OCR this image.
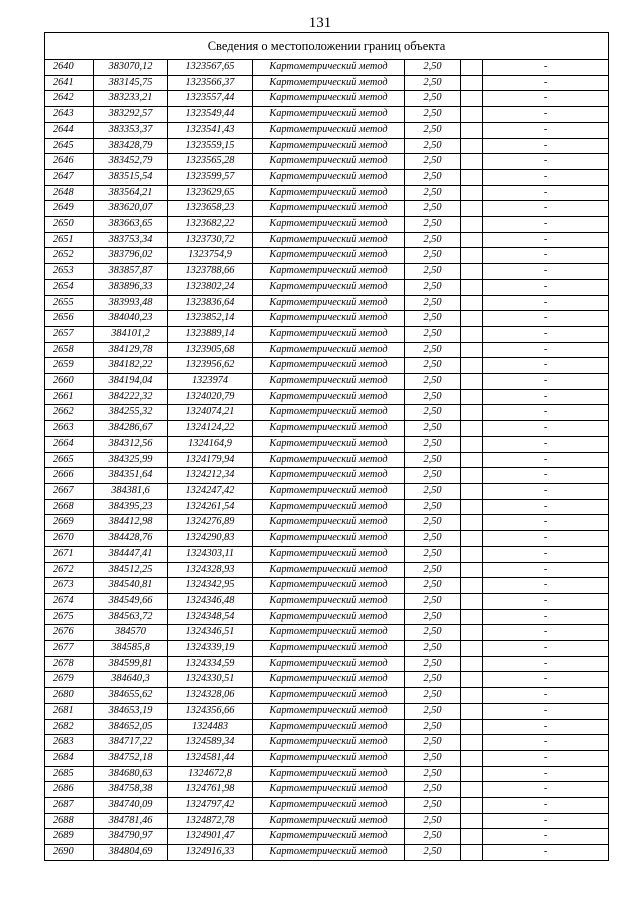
131
Сведения о местоположении границ объекта						
2640	383070,12	1323567,65	Картометрический метод	2,50		-
2641	383145,75	1323566,37	Картометрический метод	2,50		-
2642	383233,21	1323557,44	Картометрический метод	2,50		-
2643	383292,57	1323549,44	Картометрический метод	2,50		-
2644	383353,37	1323541,43	Картометрический метод	2,50		-
2645	383428,79	1323559,15	Картометрический метод	2,50		-
2646	383452,79	1323565,28	Картометрический метод	2,50		-
2647	383515,54	1323599,57	Картометрический метод	2,50		-
2648	383564,21	1323629,65	Картометрический метод	2,50		-
2649	383620,07	1323658,23	Картометрический метод	2,50		-
2650	383663,65	1323682,22	Картометрический метод	2,50		-
2651	383753,34	1323730,72	Картометрический метод	2,50		-
2652	383796,02	1323754,9	Картометрический метод	2,50		-
2653	383857,87	1323788,66	Картометрический метод	2,50		-
2654	383896,33	1323802,24	Картометрический метод	2,50		-
2655	383993,48	1323836,64	Картометрический метод	2,50		-
2656	384040,23	1323852,14	Картометрический метод	2,50		-
2657	384101,2	1323889,14	Картометрический метод	2,50		-
2658	384129,78	1323905,68	Картометрический метод	2,50		-
2659	384182,22	1323956,62	Картометрический метод	2,50		-
2660	384194,04	1323974	Картометрический метод	2,50		-
2661	384222,32	1324020,79	Картометрический метод	2,50		-
2662	384255,32	1324074,21	Картометрический метод	2,50		-
2663	384286,67	1324124,22	Картометрический метод	2,50		-
2664	384312,56	1324164,9	Картометрический метод	2,50		-
2665	384325,99	1324179,94	Картометрический метод	2,50		-
2666	384351,64	1324212,34	Картометрический метод	2,50		-
2667	384381,6	1324247,42	Картометрический метод	2,50		-
2668	384395,23	1324261,54	Картометрический метод	2,50		-
2669	384412,98	1324276,89	Картометрический метод	2,50		-
2670	384428,76	1324290,83	Картометрический метод	2,50		-
2671	384447,41	1324303,11	Картометрический метод	2,50		-
2672	384512,25	1324328,93	Картометрический метод	2,50		-
2673	384540,81	1324342,95	Картометрический метод	2,50		-
2674	384549,66	1324346,48	Картометрический метод	2,50		-
2675	384563,72	1324348,54	Картометрический метод	2,50		-
2676	384570	1324346,51	Картометрический метод	2,50		-
2677	384585,8	1324339,19	Картометрический метод	2,50		-
2678	384599,81	1324334,59	Картометрический метод	2,50		-
2679	384640,3	1324330,51	Картометрический метод	2,50		-
2680	384655,62	1324328,06	Картометрический метод	2,50		-
2681	384653,19	1324356,66	Картометрический метод	2,50		-
2682	384652,05	1324483	Картометрический метод	2,50		-
2683	384717,22	1324589,34	Картометрический метод	2,50		-
2684	384752,18	1324581,44	Картометрический метод	2,50		-
2685	384680,63	1324672,8	Картометрический метод	2,50		-
2686	384758,38	1324761,98	Картометрический метод	2,50		-
2687	384740,09	1324797,42	Картометрический метод	2,50		-
2688	384781,46	1324872,78	Картометрический метод	2,50		-
2689	384790,97	1324901,47	Картометрический метод	2,50		-
2690	384804,69	1324916,33	Картометрический метод	2,50		-
